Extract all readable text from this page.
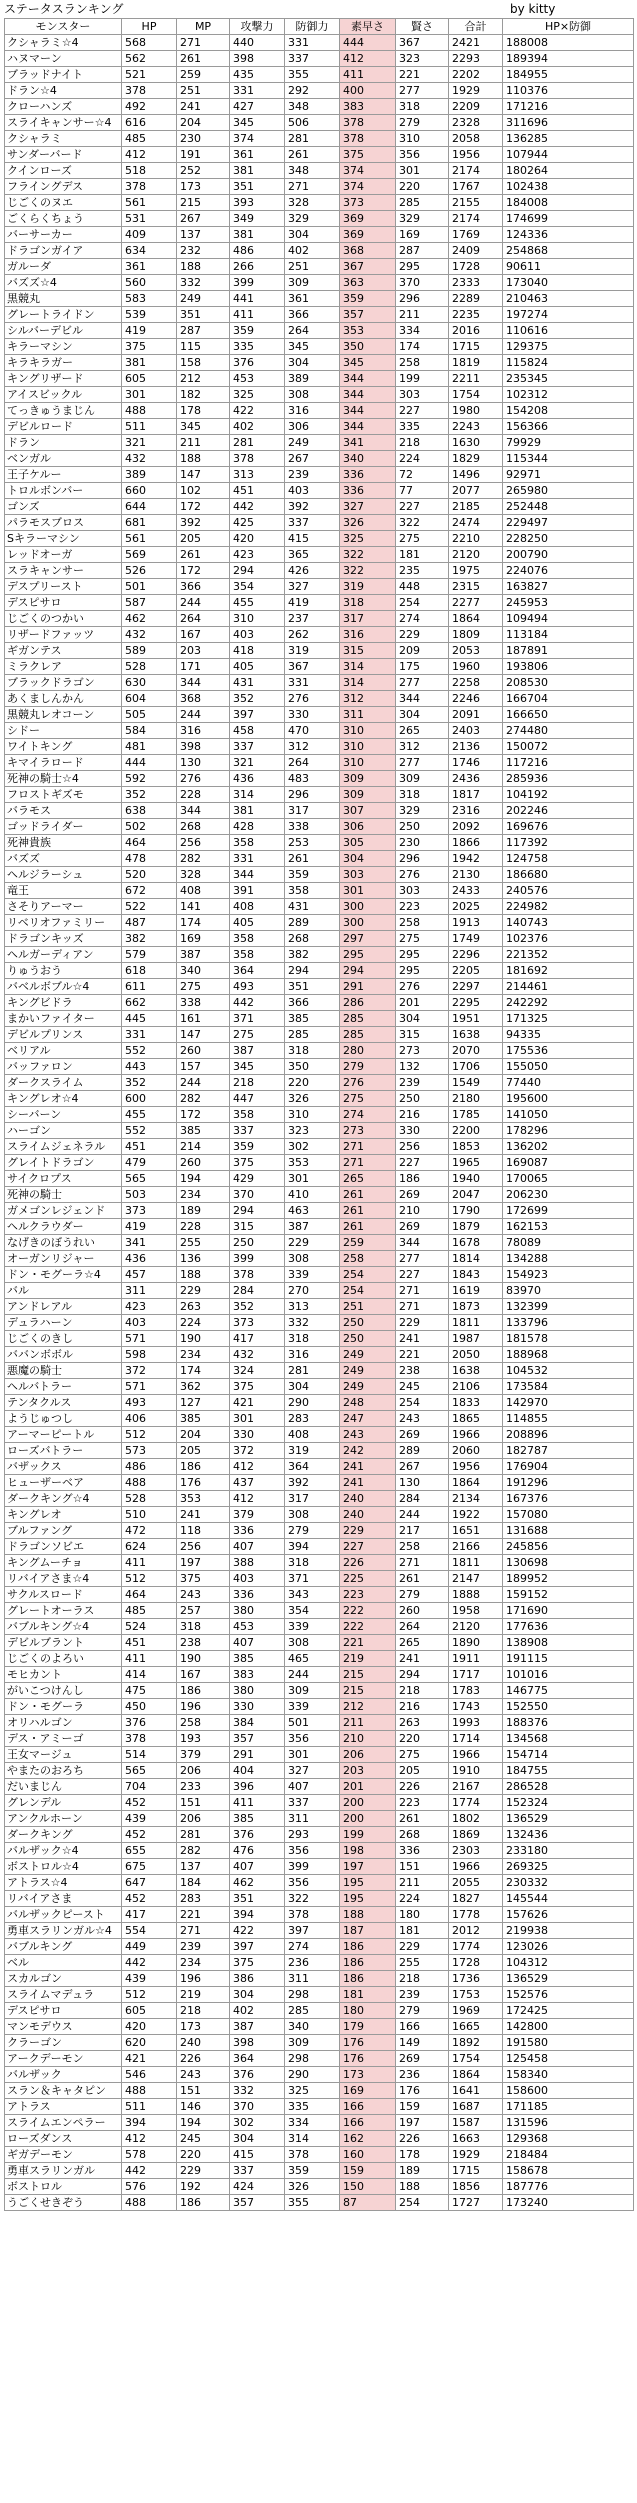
ステータスランキング	by kitty
モンスター	HP	MP	攻撃力	防御力	素早さ	賢さ	合計	HP×防御
クシャラミ☆4	568	271	440	331	444	367	2421	188008
ハヌマーン	562	261	398	337	412	323	2293	189394
ブラッドナイト	521	259	435	355	411	221	2202	184955
ドラン☆4	378	251	331	292	400	277	1929	110376
クローハンズ	492	241	427	348	383	318	2209	171216
スライキャンサー☆4	616	204	345	506	378	279	2328	311696
クシャラミ	485	230	374	281	378	310	2058	136285
サンダーバード	412	191	361	261	375	356	1956	107944
クインローズ	518	252	381	348	374	301	2174	180264
フライングデス	378	173	351	271	374	220	1767	102438
じごくのヌエ	561	215	393	328	373	285	2155	184008
ごくらくちょう	531	267	349	329	369	329	2174	174699
バーサーカー	409	137	381	304	369	169	1769	124336
ドラゴンガイア	634	232	486	402	368	287	2409	254868
ガルーダ	361	188	266	251	367	295	1728	90611
バズズ☆4	560	332	399	309	363	370	2333	173040
黒競丸	583	249	441	361	359	296	2289	210463
グレートライドン	539	351	411	366	357	211	2235	197274
シルバーデビル	419	287	359	264	353	334	2016	110616
キラーマシン	375	115	335	345	350	174	1715	129375
キラキラガー	381	158	376	304	345	258	1819	115824
キングリザード	605	212	453	389	344	199	2211	235345
アイスビックル	301	182	325	308	344	303	1754	102312
てっきゅうまじん	488	178	422	316	344	227	1980	154208
デビルロード	511	345	402	306	344	335	2243	156366
ドラン	321	211	281	249	341	218	1630	79929
ベンガル	432	188	378	267	340	224	1829	115344
王子ケルー	389	147	313	239	336	72	1496	92971
トロルボンバー	660	102	451	403	336	77	2077	265980
ゴンズ	644	172	442	392	327	227	2185	252448
パラモスブロス	681	392	425	337	326	322	2474	229497
Sキラーマシン	561	205	420	415	325	275	2210	228250
レッドオーガ	569	261	423	365	322	181	2120	200790
スラキャンサー	526	172	294	426	322	235	1975	224076
デスプリースト	501	366	354	327	319	448	2315	163827
デスピサロ	587	244	455	419	318	254	2277	245953
じごくのつかい	462	264	310	237	317	274	1864	109494
リザードファッツ	432	167	403	262	316	229	1809	113184
ギガンテス	589	203	418	319	315	209	2053	187891
ミラクレア	528	171	405	367	314	175	1960	193806
ブラックドラゴン	630	344	431	331	314	277	2258	208530
あくましんかん	604	368	352	276	312	344	2246	166704
黒競丸レオコーン	505	244	397	330	311	304	2091	166650
シドー	584	316	458	470	310	265	2403	274480
ワイトキング	481	398	337	312	310	312	2136	150072
キマイラロード	444	130	321	264	310	277	1746	117216
死神の騎士☆4	592	276	436	483	309	309	2436	285936
フロストギズモ	352	228	314	296	309	318	1817	104192
バラモス	638	344	381	317	307	329	2316	202246
ゴッドライダー	502	268	428	338	306	250	2092	169676
死神貴族	464	256	358	253	305	230	1866	117392
バズズ	478	282	331	261	304	296	1942	124758
ヘルジラーシュ	520	328	344	359	303	276	2130	186680
竜王	672	408	391	358	301	303	2433	240576
さそりアーマー	522	141	408	431	300	223	2025	224982
リベリオファミリー	487	174	405	289	300	258	1913	140743
ドラゴンキッズ	382	169	358	268	297	275	1749	102376
ヘルガーディアン	579	387	358	382	295	295	2296	221352
りゅうおう	618	340	364	294	294	295	2205	181692
バベルボブル☆4	611	275	493	351	291	276	2297	214461
キングビドラ	662	338	442	366	286	201	2295	242292
まかいファイター	445	161	371	385	285	304	1951	171325
デビルプリンス	331	147	275	285	285	315	1638	94335
ベリアル	552	260	387	318	280	273	2070	175536
バッファロン	443	157	345	350	279	132	1706	155050
ダークスライム	352	244	218	220	276	239	1549	77440
キングレオ☆4	600	282	447	326	275	250	2180	195600
シーバーン	455	172	358	310	274	216	1785	141050
ハーゴン	552	385	337	323	273	330	2200	178296
スライムジェネラル	451	214	359	302	271	256	1853	136202
グレイトドラゴン	479	260	375	353	271	227	1965	169087
サイクロプス	565	194	429	301	265	186	1940	170065
死神の騎士	503	234	370	410	261	269	2047	206230
ガメゴンレジェンド	373	189	294	463	261	210	1790	172699
ヘルクラウダー	419	228	315	387	261	269	1879	162153
なげきのぼうれい	341	255	250	229	259	344	1678	78089
オーガンリジャー	436	136	399	308	258	277	1814	134288
ドン・モグーラ☆4	457	188	378	339	254	227	1843	154923
バル	311	229	284	270	254	271	1619	83970
アンドレアル	423	263	352	313	251	271	1873	132399
デュラハーン	403	224	373	332	250	229	1811	133796
じごくのきし	571	190	417	318	250	241	1987	181578
ババンボボル	598	234	432	316	249	221	2050	188968
悪魔の騎士	372	174	324	281	249	238	1638	104532
ヘルバトラー	571	362	375	304	249	245	2106	173584
テンタクルス	493	127	421	290	248	254	1833	142970
ようじゅつし	406	385	301	283	247	243	1865	114855
アーマーピートル	512	204	330	408	243	269	1966	208896
ローズバトラー	573	205	372	319	242	289	2060	182787
バザックス	486	186	412	364	241	267	1956	176904
ヒューザーベア	488	176	437	392	241	130	1864	191296
ダークキング☆4	528	353	412	317	240	284	2134	167376
キングレオ	510	241	379	308	240	244	1922	157080
ブルファング	472	118	336	279	229	217	1651	131688
ドラゴンソビエ	624	256	407	394	227	258	2166	245856
キングムーチョ	411	197	388	318	226	271	1811	130698
リバイアさま☆4	512	375	403	371	225	261	2147	189952
サクルスロード	464	243	336	343	223	279	1888	159152
グレートオーラス	485	257	380	354	222	260	1958	171690
バブルキング☆4	524	318	453	339	222	264	2120	177636
デビルブラント	451	238	407	308	221	265	1890	138908
じごくのよろい	411	190	385	465	219	241	1911	191115
モヒカント	414	167	383	244	215	294	1717	101016
がいこつけんし	475	186	380	309	215	218	1783	146775
ドン・モグーラ	450	196	330	339	212	216	1743	152550
オリハルゴン	376	258	384	501	211	263	1993	188376
デス・アミーゴ	378	193	357	356	210	220	1714	134568
王女マージュ	514	379	291	301	206	275	1966	154714
やまたのおろち	565	206	404	327	203	205	1910	184755
だいまじん	704	233	396	407	201	226	2167	286528
グレンデル	452	151	411	337	200	223	1774	152324
アンクルホーン	439	206	385	311	200	261	1802	136529
ダークキング	452	281	376	293	199	268	1869	132436
バルザック☆4	655	282	476	356	198	336	2303	233180
ボストロル☆4	675	137	407	399	197	151	1966	269325
アトラス☆4	647	184	462	356	195	211	2055	230332
リバイアさま	452	283	351	322	195	224	1827	145544
バルザックピースト	417	221	394	378	188	180	1778	157626
勇車スラリンガル☆4	554	271	422	397	187	181	2012	219938
バブルキング	449	239	397	274	186	229	1774	123026
ベル	442	234	375	236	186	255	1728	104312
スカルゴン	439	196	386	311	186	218	1736	136529
スライムマデュラ	512	219	304	298	181	239	1753	152576
デスピサロ	605	218	402	285	180	279	1969	172425
マンモデウス	420	173	387	340	179	166	1665	142800
クラーゴン	620	240	398	309	176	149	1892	191580
アークデーモン	421	226	364	298	176	269	1754	125458
バルザック	546	243	376	290	173	236	1864	158340
スラン＆キャタピン	488	151	332	325	169	176	1641	158600
アトラス	511	146	370	335	166	159	1687	171185
スライムエンペラー	394	194	302	334	166	197	1587	131596
ローズダンス	412	245	304	314	162	226	1663	129368
ギガデーモン	578	220	415	378	160	178	1929	218484
勇車スラリンガル	442	229	337	359	159	189	1715	158678
ボストロル	576	192	424	326	150	188	1856	187776
うごくせきぞう	488	186	357	355	87	254	1727	173240
